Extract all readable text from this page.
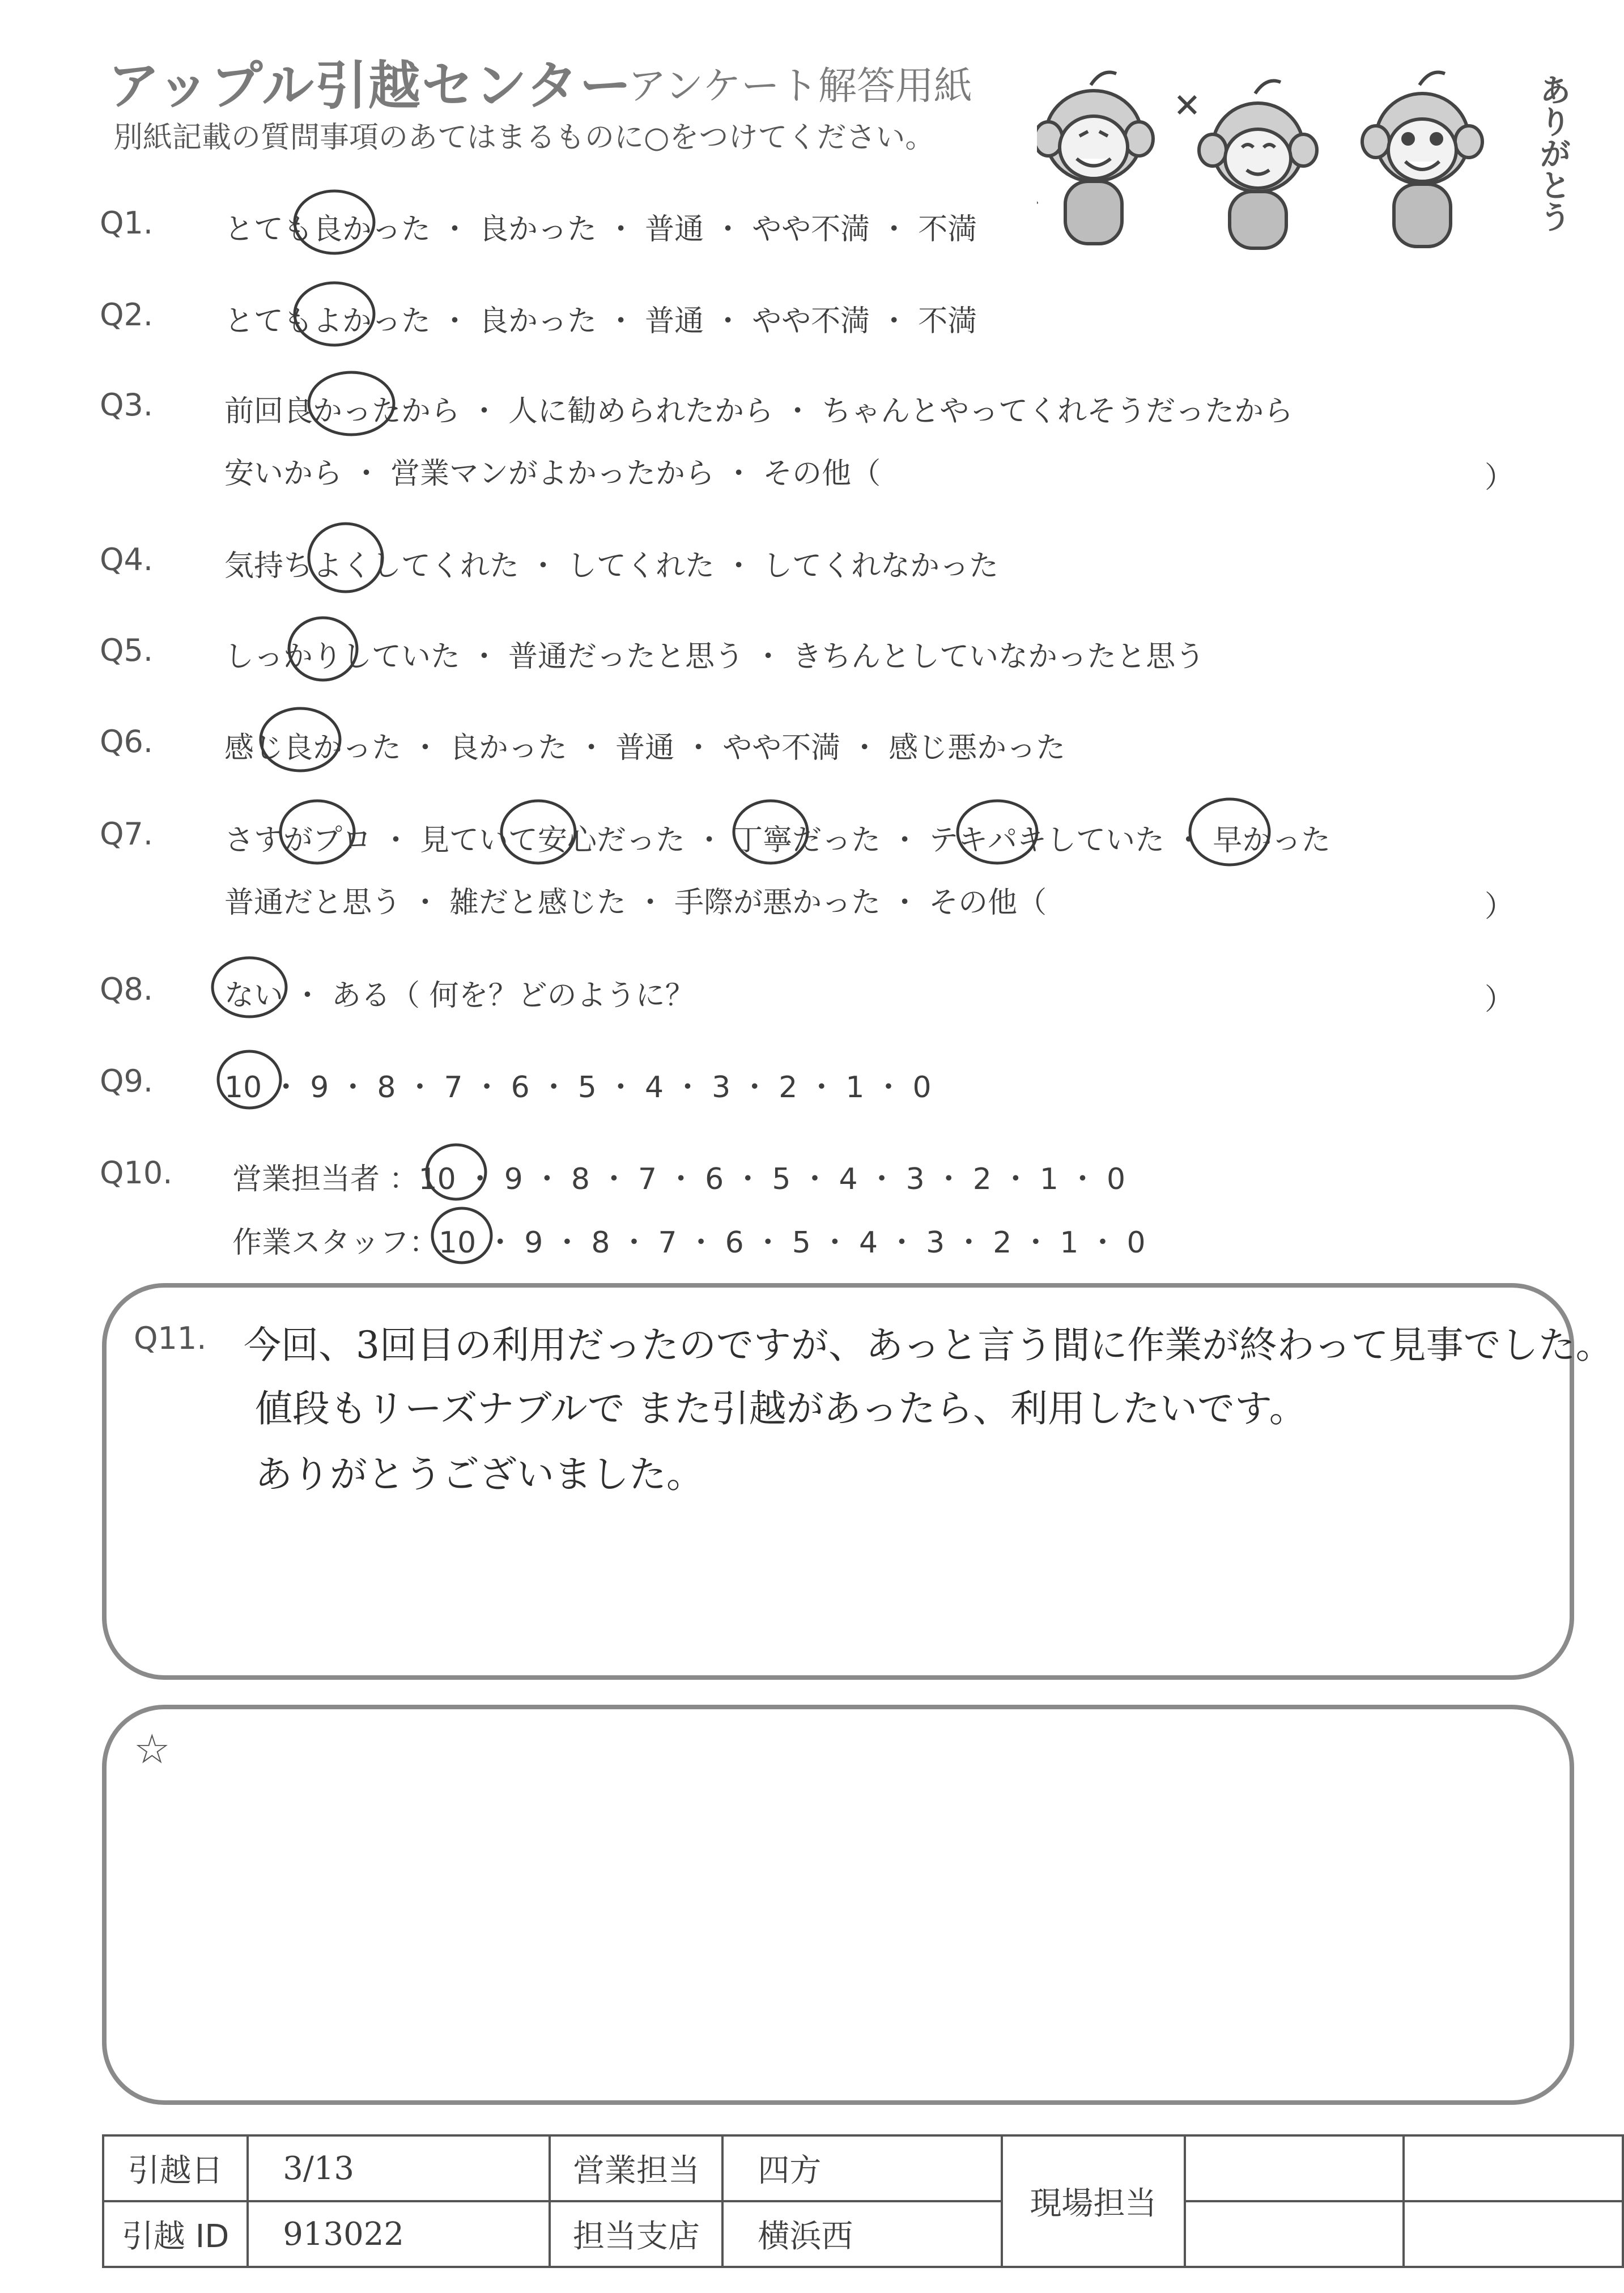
アップル引越センター
アンケート解答用紙
別紙記載の質問事項のあてはまるものに○をつけてください。	ありがとう
Q1. とても良かった ・ 良かった ・ 普通 ・ やや不満 ・ 不満
Q2. とてもよかった ・ 良かった ・ 普通 ・ やや不満 ・ 不満
Q3. 前回良かったから ・ 人に勧められたから ・ ちゃんとやってくれそうだったから
安いから ・ 営業マンがよかったから ・ その他（	）
Q4. 気持ちよくしてくれた ・ してくれた ・ してくれなかった
Q5. しっかりしていた ・ 普通だったと思う ・ きちんとしていなかったと思う
Q6. 感じ良かった ・ 良かった ・ 普通 ・ やや不満 ・ 感じ悪かった
Q7. さすがプロ ・ 見ていて安心だった ・ 丁寧だった ・ テキパキしていた ・ 早かった
普通だと思う ・ 雑だと感じた ・ 手際が悪かった ・ その他（	）
Q8. ない ・ ある（ 何を？どのように？	）
Q9. 10 ・ 9 ・ 8 ・ 7 ・ 6 ・ 5 ・ 4 ・ 3 ・ 2 ・ 1 ・ 0
Q10. 営業担当者 ：10 ・ 9 ・ 8 ・ 7 ・ 6 ・ 5 ・ 4 ・ 3 ・ 2 ・ 1 ・ 0
作業スタッフ：10 ・ 9 ・ 8 ・ 7 ・ 6 ・ 5 ・ 4 ・ 3 ・ 2 ・ 1 ・ 0
Q11. 今回、3回目の利用だったのですが、あっと言う間に作業が終わって見事でした。
値段もリーズナブルで また引越があったら、利用したいです。
ありがとうございました。
☆
引越日	3/13	営業担当	四方	現場担当		
引越 ID	913022	担当支店	横浜西			
